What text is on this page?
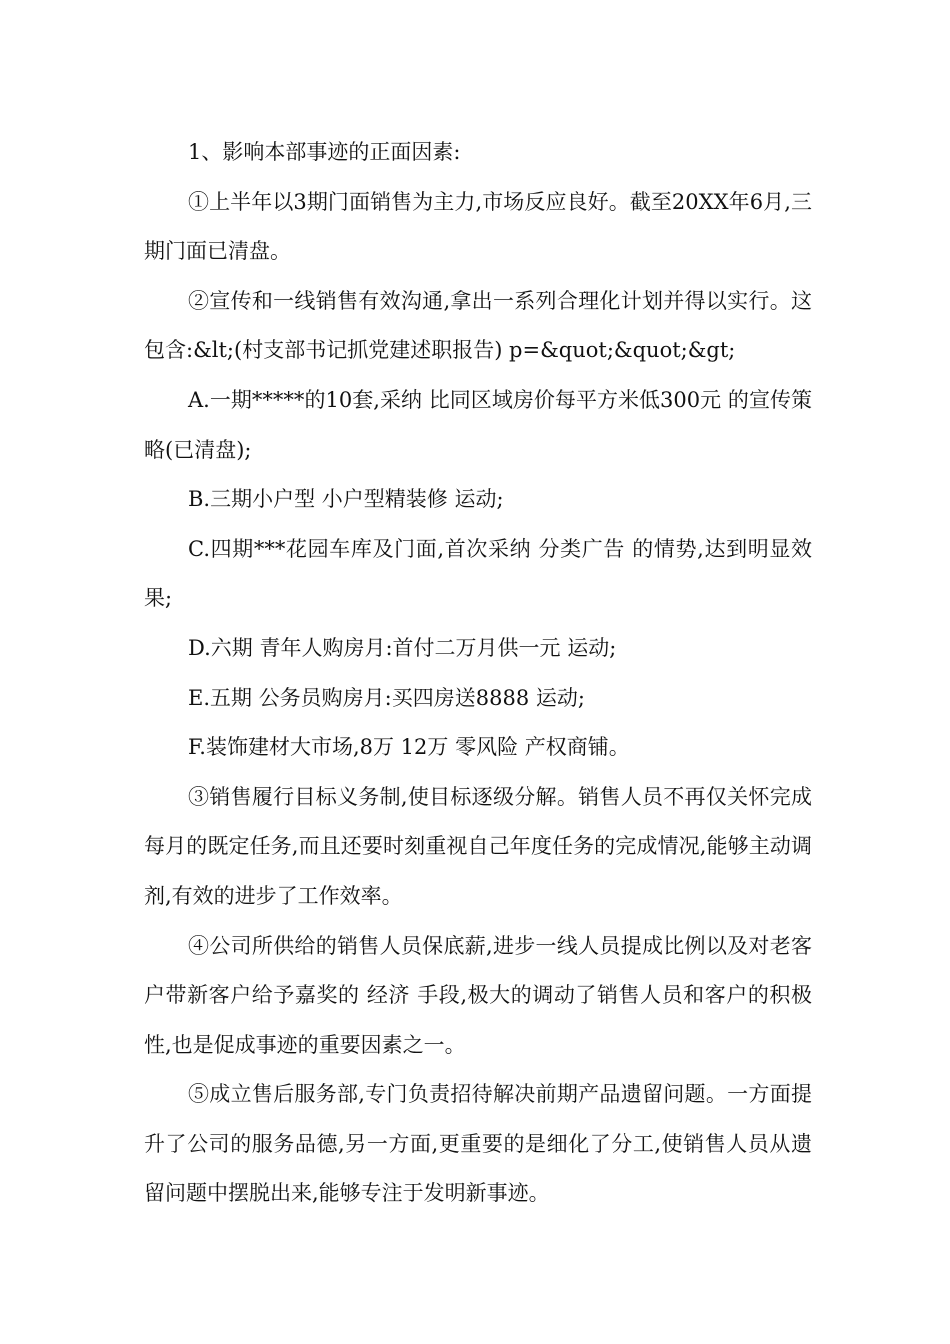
1、影响本部事迹的正面因素:

①上半年以3期门面销售为主力,市场反应良好。截至20XX年6月,三期门面已清盘。

②宣传和一线销售有效沟通,拿出一系列合理化计划并得以实行。这包含:&lt;(村支部书记抓党建述职报告) p=&quot;&quot;&gt;

A.一期*****的10套,采纳 比同区域房价每平方米低300元 的宣传策略(已清盘);

B.三期小户型 小户型精装修 运动;

C.四期***花园车库及门面,首次采纳 分类广告 的情势,达到明显效果;

D.六期 青年人购房月:首付二万月供一元 运动;

E.五期 公务员购房月:买四房送8888 运动;

F.装饰建材大市场,8万 12万 零风险 产权商铺。

③销售履行目标义务制,使目标逐级分解。销售人员不再仅关怀完成每月的既定任务,而且还要时刻重视自己年度任务的完成情况,能够主动调剂,有效的进步了工作效率。

④公司所供给的销售人员保底薪,进步一线人员提成比例以及对老客户带新客户给予嘉奖的 经济 手段,极大的调动了销售人员和客户的积极性,也是促成事迹的重要因素之一。

⑤成立售后服务部,专门负责招待解决前期产品遗留问题。一方面提升了公司的服务品德,另一方面,更重要的是细化了分工,使销售人员从遗留问题中摆脱出来,能够专注于发明新事迹。
